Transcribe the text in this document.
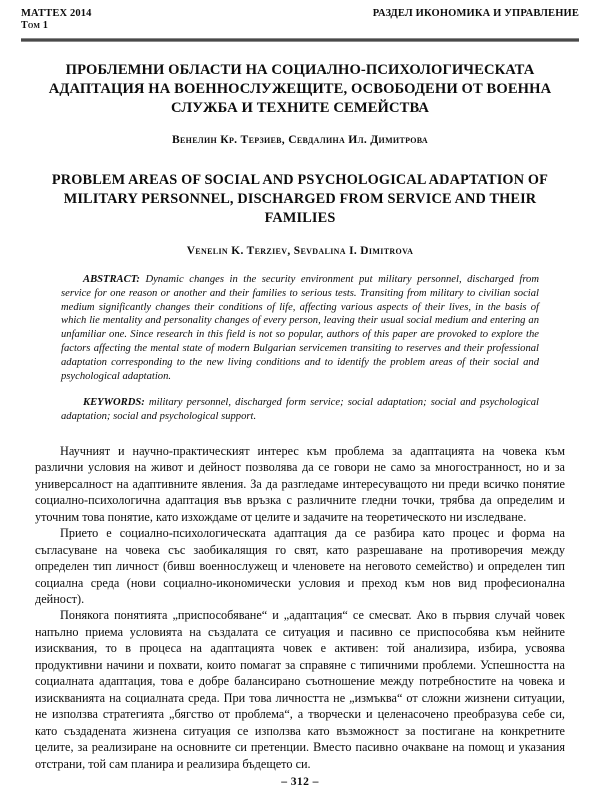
MATTEX 2014
Том 1
РАЗДЕЛ ИКОНОМИКА И УПРАВЛЕНИЕ
ПРОБЛЕМНИ ОБЛАСТИ НА СОЦИАЛНО-ПСИХОЛОГИЧЕСКАТА АДАПТАЦИЯ НА ВОЕННОСЛУЖЕЩИТЕ, ОСВОБОДЕНИ ОТ ВОЕННА СЛУЖБА И ТЕХНИТЕ СЕМЕЙСТВА
Венелин Кр. Терзиев, Севдалина Ил. Димитрова
PROBLEM AREAS OF SOCIAL AND PSYCHOLOGICAL ADAPTATION OF MILITARY PERSONNEL, DISCHARGED FROM SERVICE AND THEIR FAMILIES
Venelin K. Terziev, Sevdalina I. Dimitrova

ABSTRACT: Dynamic changes in the security environment put military personnel, discharged from service for one reason or another and their families to serious tests. Transiting from military to civilian social medium significantly changes their conditions of life, affecting various aspects of their lives, in the basis of which lie mentality and personality changes of every person, leaving their usual social medium and entering an unfamiliar one. Since research in this field is not so popular, authors of this paper are provoked to explore the factors affecting the mental state of modern Bulgarian servicemen transiting to reserves and their professional adaptation corresponding to the new living conditions and to identify the problem areas of their social and psychological adaptation.

KEYWORDS: military personnel, discharged form service; social adaptation; social and psychological adaptation; social and psychological support.

Научният и научно-практическият интерес към проблема за адаптацията на човека към различни условия на живот и дейност позволява да се говори не само за многостранност, но и за универсалност на адаптивните явления. За да разгледаме интересуващото ни преди всичко понятие социално-психологична адаптация във връзка с различните гледни точки, трябва да определим и уточним това понятие, като изхождаме от целите и задачите на теоретическото ни изследване.

Прието е социално-психологическата адаптация да се разбира като процес и форма на съгласуване на човека със заобикалящия го свят, като разрешаване на противоречия между определен тип личност (бивш военнослужещ и членовете на неговото семейство) и определен тип социална среда (нови социално-икономически условия и преход към нов вид професионална дейност).

Понякога понятията „приспособяване“ и „адаптация“ се смесват. Ако в първия случай човек напълно приема условията на създалата се ситуация и пасивно се приспособява към нейните изисквания, то в процеса на адаптацията човек е активен: той анализира, избира, усвоява продуктивни начини и похвати, които помагат за справяне с типичними проблеми. Успешността на социалната адаптация, това е добре балансирано съотношение между потребностите на човека и изискванията на социалната среда. При това личността не „измъква“ от сложни жизнени ситуации, не използва стратегията „бягство от проблема“, а творчески и целенасочено преобразува себе си, като създадената жизнена ситуация се използва като възможност за постигане на конкретните целите, за реализиране на основните си претенции. Вместо пасивно очакване на помощ и указания отстрани, той сам планира и реализира бъдещето си.

– 312 –
